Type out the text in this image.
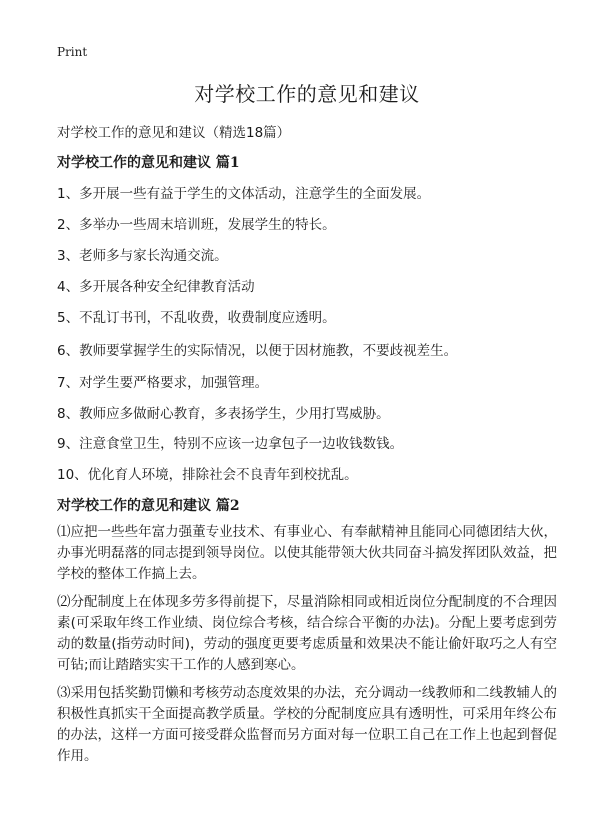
Print
对学校工作的意见和建议
对学校工作的意见和建议（精选18篇）
对学校工作的意见和建议 篇1
1、多开展一些有益于学生的文体活动，注意学生的全面发展。
2、多举办一些周末培训班，发展学生的特长。
3、老师多与家长沟通交流。
4、多开展各种安全纪律教育活动
5、不乱订书刊，不乱收费，收费制度应透明。
6、教师要掌握学生的实际情况，以便于因材施教，不要歧视差生。
7、对学生要严格要求，加强管理。
8、教师应多做耐心教育，多表扬学生，少用打骂威胁。
9、注意食堂卫生，特别不应该一边拿包子一边收钱数钱。
10、优化育人环境，排除社会不良青年到校扰乱。
对学校工作的意见和建议 篇2
⑴应把一些些年富力强董专业技术、有事业心、有奉献精神且能同心同德团结大伙，办事光明磊落的同志提到领导岗位。以使其能带领大伙共同奋斗搞发挥团队效益，把学校的整体工作搞上去。
⑵分配制度上在体现多劳多得前提下，尽量消除相同或相近岗位分配制度的不合理因素(可采取年终工作业绩、岗位综合考核，结合综合平衡的办法)。分配上要考虑到劳动的数量(指劳动时间)，劳动的强度更要考虑质量和效果决不能让偷奸取巧之人有空可钻;而让踏踏实实干工作的人感到寒心。
⑶采用包括奖勤罚懒和考核劳动态度效果的办法，充分调动一线教师和二线教辅人的积极性真抓实干全面提高教学质量。学校的分配制度应具有透明性，可采用年终公布的办法，这样一方面可接受群众监督而另方面对每一位职工自己在工作上也起到督促作用。
